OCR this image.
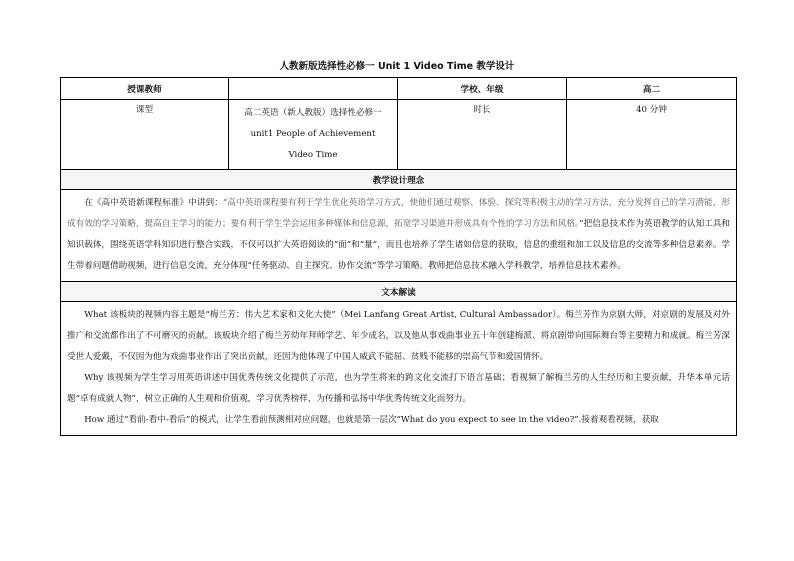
人教新版选择性必修一 Unit 1 Video Time 教学设计
授课教师		学校、年级	高二
课型	高二英语（新人教版）选择性必修一
unit1 People of Achievement
Video Time	时长	40 分钟
教学设计理念			

在《高中英语新课程标准》中讲到：“高中英语课程要有利于学生优化英语学习方式，使他们通过观察、体验、探究等积极主动的学习方法，充分发挥自己的学习潜能，形成有效的学习策略，提高自主学习的能力；要有利于学生学会运用多种媒体和信息源，拓宽学习渠道并形成具有个性的学习方法和风格。”把信息技术作为英语教学的认知工具和知识载体，围绕英语学科知识进行整合实践，不仅可以扩大英语阅读的“面”和“量”，而且也培养了学生诸如信息的获取，信息的重组和加工以及信息的交流等多种信息素养。学生带着问题借助视频，进行信息交流，充分体现“任务驱动、自主探究、协作交流”等学习策略。教师把信息技术融入学科教学，培养信息技术素养。			

文本解读			

What 该板块的视频内容主题是“梅兰芳：伟大艺术家和文化大使”（Mei Lanfang Great Artist, Cultural Ambassador）。梅兰芳作为京剧大师，对京剧的发展及对外推广和交流都作出了不可磨灭的贡献。该板块介绍了梅兰芳幼年拜师学艺、年少成名，以及他从事戏曲事业五十年创建梅派、将京剧带向国际舞台等主要精力和成就。梅兰芳深受世人爱戴，不仅因为他为戏曲事业作出了突出贡献，还因为他体现了中国人威武不能屈、贫贱不能移的崇高气节和爱国情怀。

Why 该视频为学生学习用英语讲述中国优秀传统文化提供了示范，也为学生将来的跨文化交流打下语言基础；看视频了解梅兰芳的人生经历和主要贡献，升华本单元话题“卓有成就人物”，树立正确的人生观和价值观，学习优秀榜样，为传播和弘扬中华优秀传统文化而努力。

How 通过“看前-看中-看后”的模式，让学生看前预测相对应问题，也就是第一层次“What do you expect to see in the video?”.接着观看视频，获取			
